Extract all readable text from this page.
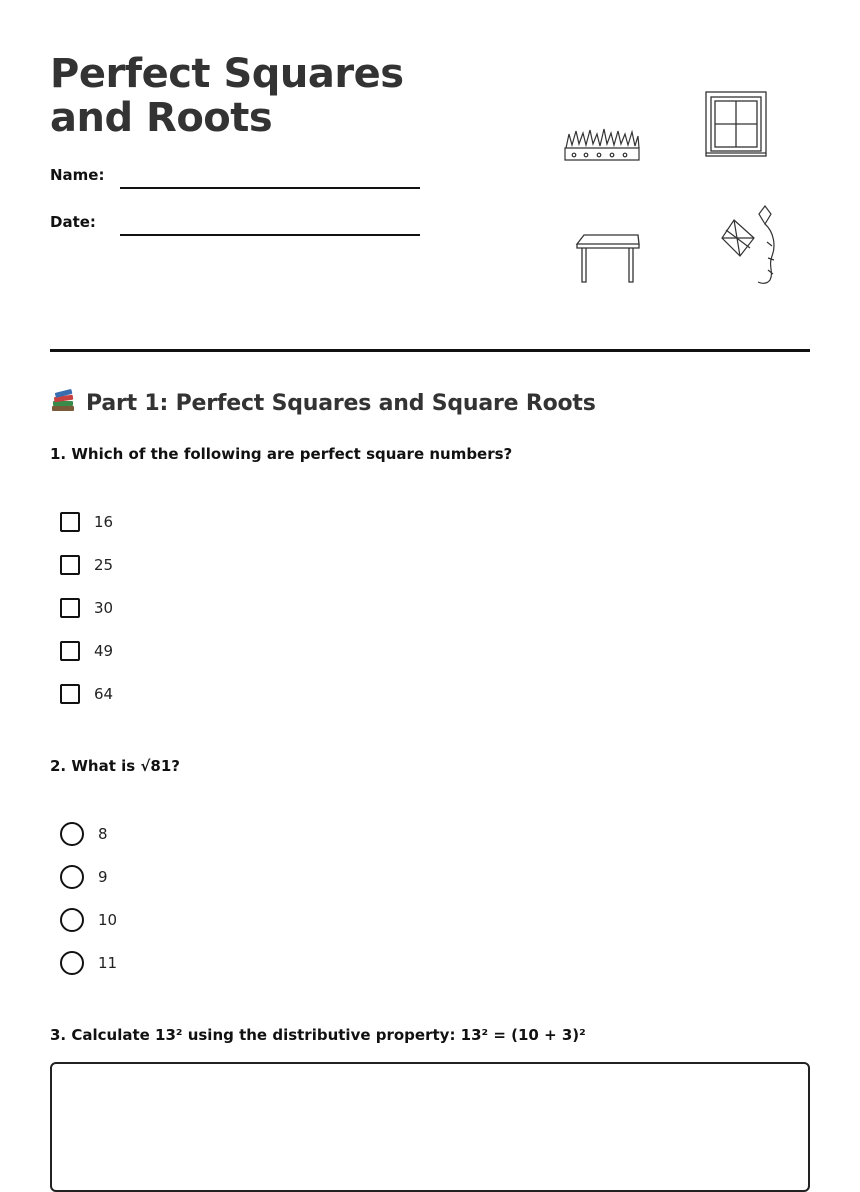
Perfect Squares and Roots
Name:
Date:
Part 1: Perfect Squares and Square Roots
1. Which of the following are perfect square numbers?
16
25
30
49
64
2. What is √81?
8
9
10
11
3. Calculate 13² using the distributive property: 13² = (10 + 3)²
